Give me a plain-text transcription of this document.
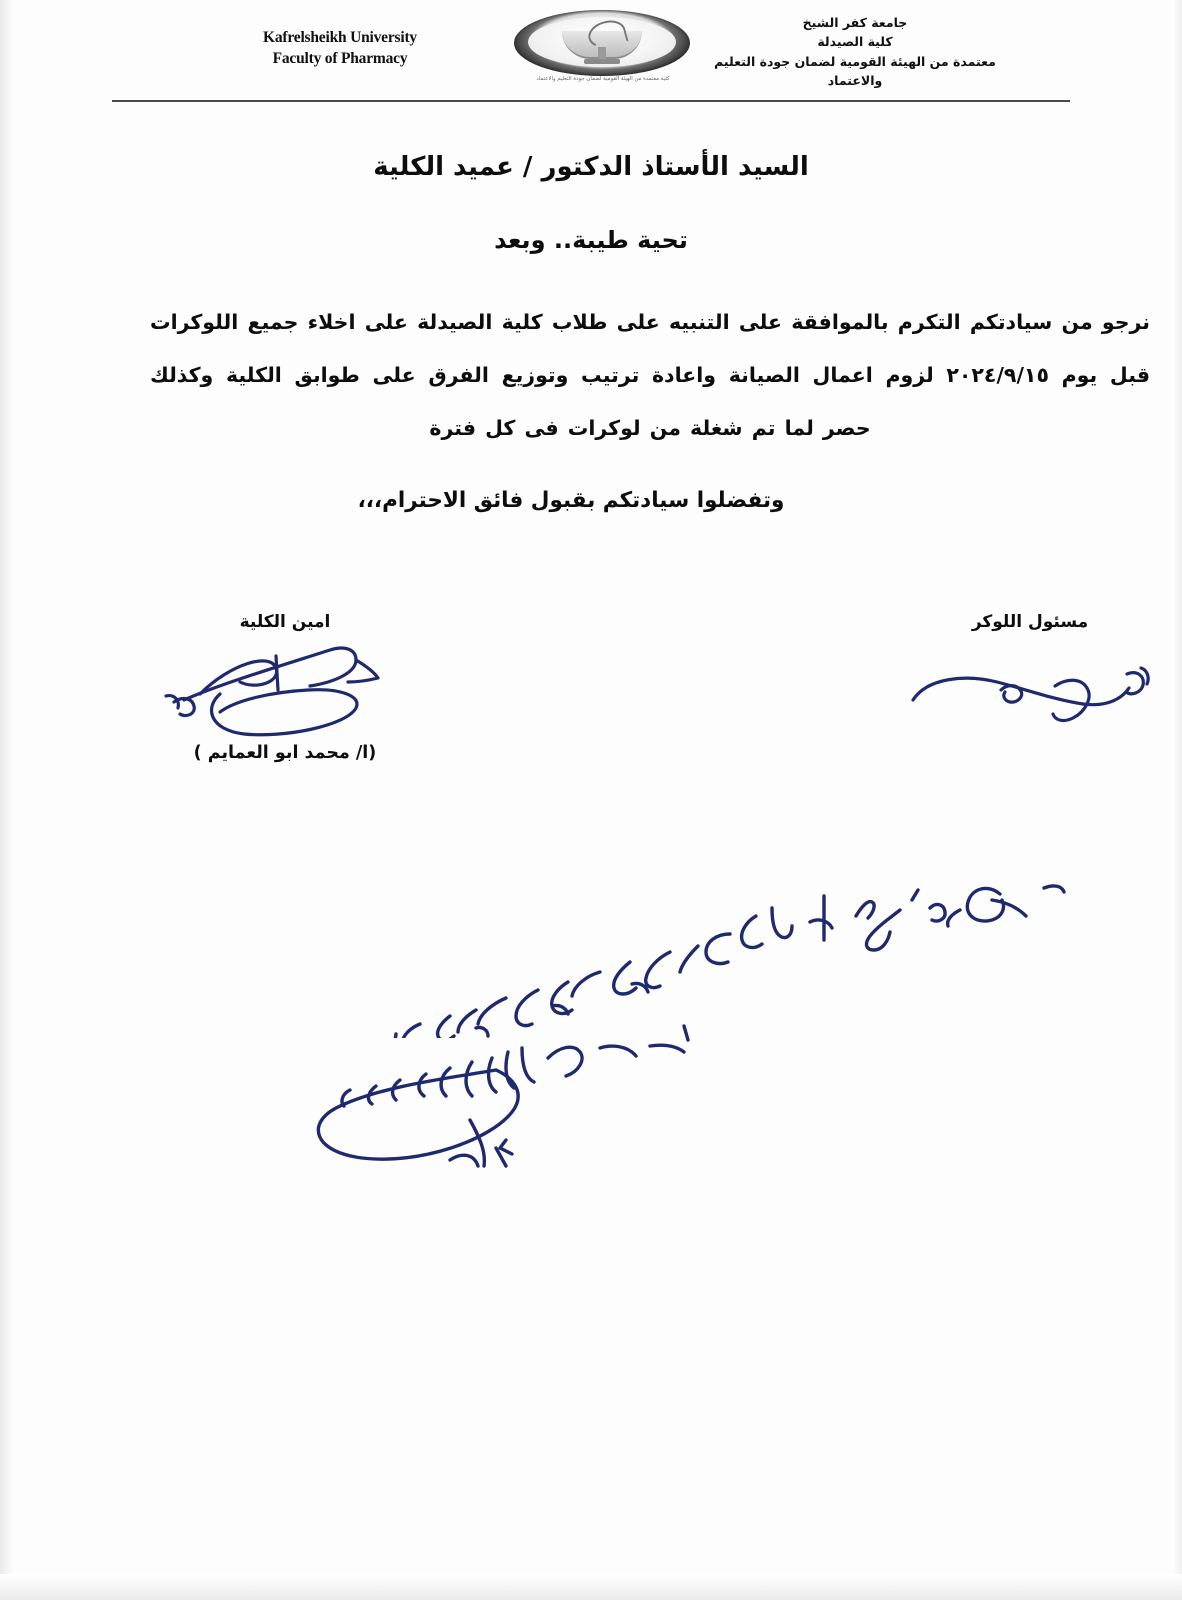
Kafrelsheikh University
Faculty of Pharmacy
كلية معتمدة من الهيئة القومية لضمان جودة التعليم والاعتماد
جامعة كفر الشيخ
كلية الصيدلة
معتمدة من الهيئة القومية لضمان جودة التعليم
والاعتماد
السيد الأستاذ الدكتور / عميد الكلية
تحية طيبة.. وبعد
نرجو من سيادتكم التكرم بالموافقة على التنبيه على طلاب كلية الصيدلة على اخلاء جميع اللوكرات قبل يوم ٢٠٢٤/٩/١٥ لزوم اعمال الصيانة واعادة ترتيب وتوزيع الفرق على طوابق الكلية وكذلك حصر لما تم شغلة من لوكرات فى كل فترة
وتفضلوا سيادتكم بقبول فائق الاحترام،،،
مسئول اللوكر
امين الكلية
(ا/ محمد ابو العمايم )
